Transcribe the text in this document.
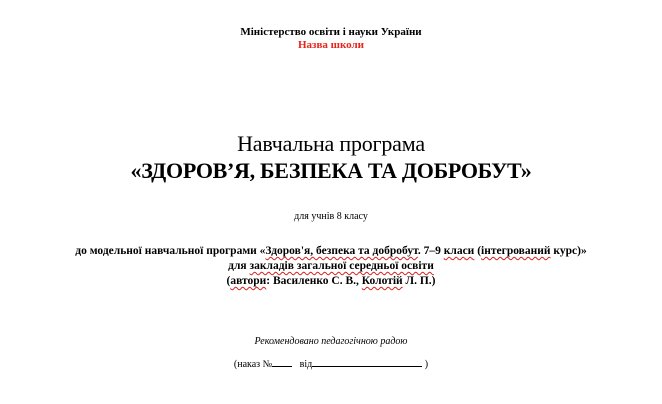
Міністерство освіти і науки України
Назва школи
Навчальна програма
«ЗДОРОВ’Я, БЕЗПЕКА ТА ДОБРОБУТ»
для учнів 8 класу
до модельної навчальної програми «Здоров'я, безпека та добробут. 7–9 класи (інтегрований курс)»
для закладів загальної середньої освіти
(автори: Василенко С. В., Колотій Л. П.)
Рекомендовано педагогічною радою
(наказ №	від	)
